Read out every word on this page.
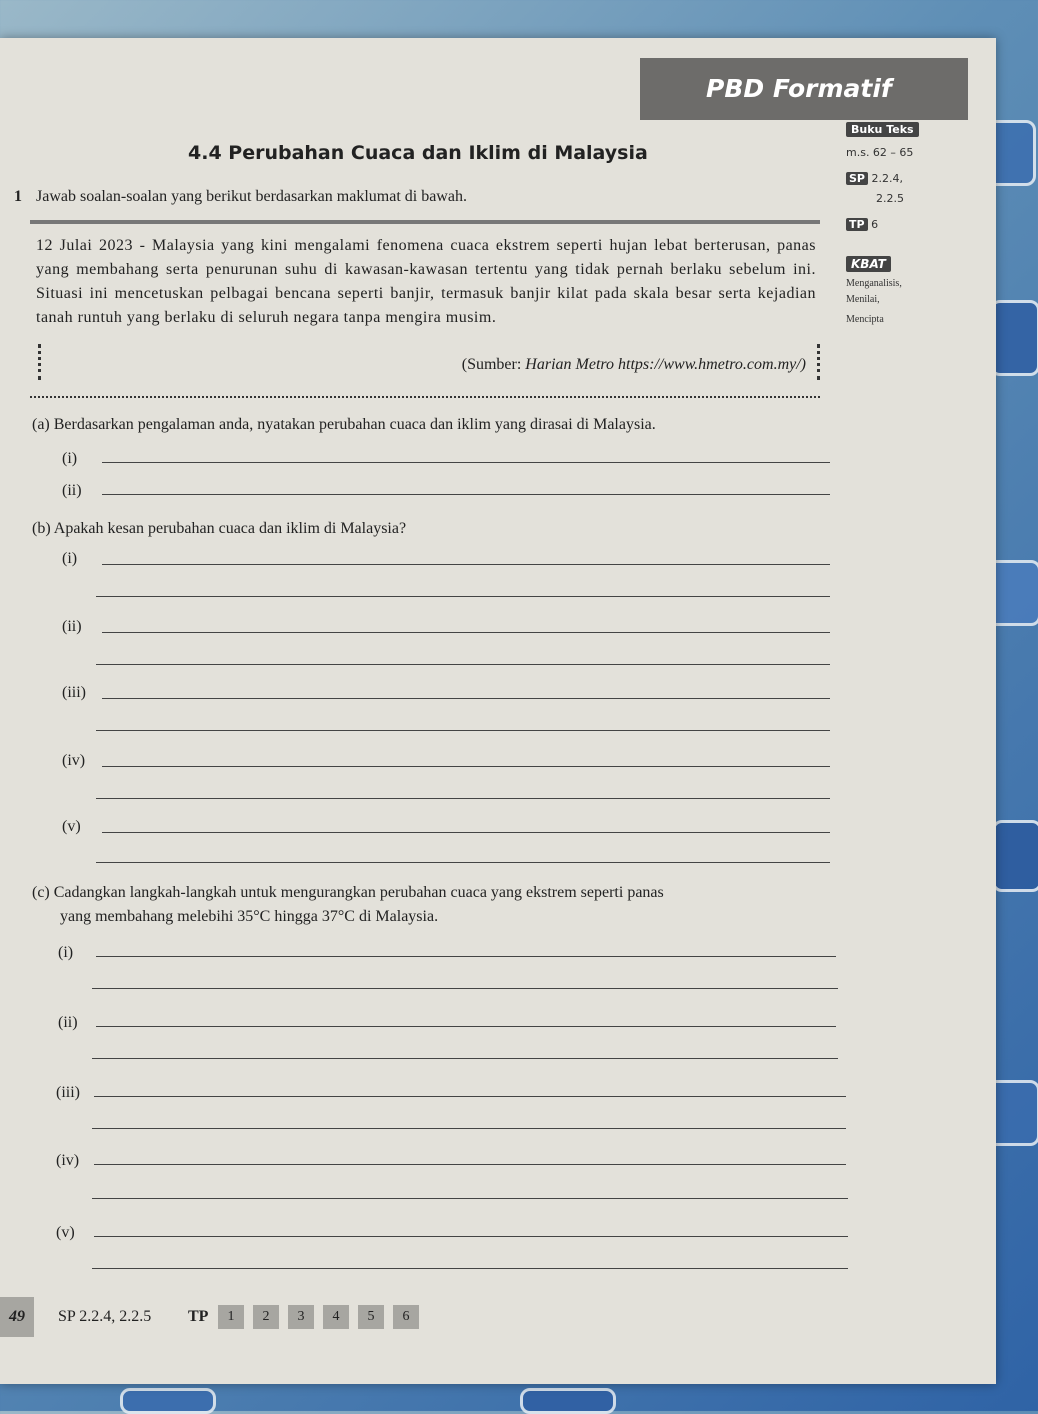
PBD Formatif
4.4 Perubahan Cuaca dan Iklim di Malaysia
Buku Teks
m.s. 62 – 65
SP 2.2.4,
2.2.5
TP 6
KBAT
Menganalisis,
Menilai,
Mencipta
1 Jawab soalan-soalan yang berikut berdasarkan maklumat di bawah.
12 Julai 2023 - Malaysia yang kini mengalami fenomena cuaca ekstrem seperti hujan lebat berterusan, panas yang membahang serta penurunan suhu di kawasan-kawasan tertentu yang tidak pernah berlaku sebelum ini. Situasi ini mencetuskan pelbagai bencana seperti banjir, termasuk banjir kilat pada skala besar serta kejadian tanah runtuh yang berlaku di seluruh negara tanpa mengira musim.
(Sumber: Harian Metro https://www.hmetro.com.my/)
(a) Berdasarkan pengalaman anda, nyatakan perubahan cuaca dan iklim yang dirasai di Malaysia.
(i)
(ii)
(b) Apakah kesan perubahan cuaca dan iklim di Malaysia?
(i)
(ii)
(iii)
(iv)
(v)
(c) Cadangkan langkah-langkah untuk mengurangkan perubahan cuaca yang ekstrem seperti panas
yang membahang melebihi 35°C hingga 37°C di Malaysia.
(i)
(ii)
(iii)
(iv)
(v)
49	SP 2.2.4, 2.2.5 TP	1	2	3	4	5	6
